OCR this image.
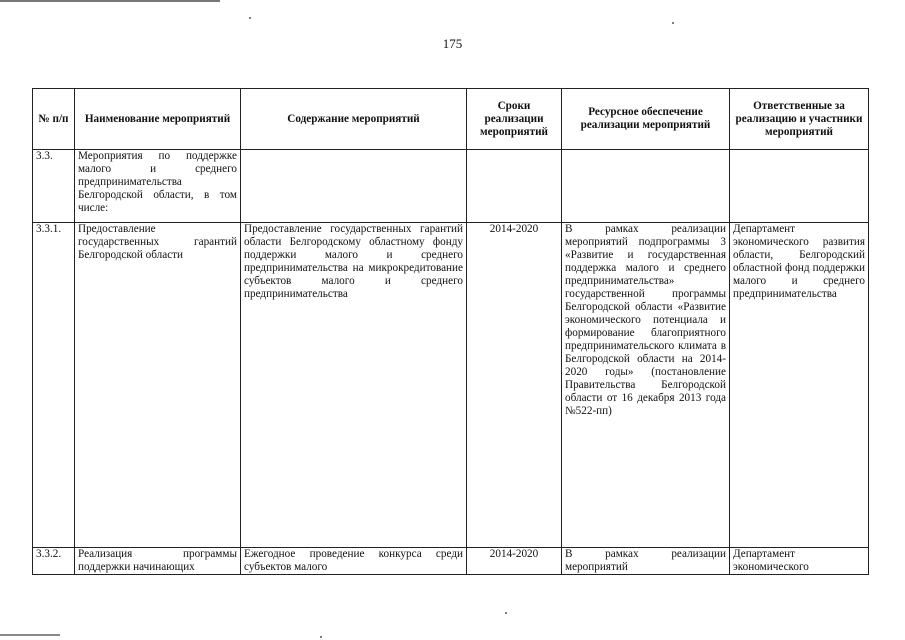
175
№ п/п	Наименование мероприятий	Содержание мероприятий	Сроки реализации мероприятий	Ресурсное обеспечение реализации мероприятий	Ответственные за реализацию и участники мероприятий
3.3.	Мероприятия по поддержке малого и среднего предпринимательства Белгородской области, в том числе:				
3.3.1.	Предоставление государственных гарантий Белгородской области	Предоставление государственных гарантий области Белгородскому областному фонду поддержки малого и среднего предпринимательства на микрокредитование субъектов малого и среднего предпринимательства	2014-2020	В рамках реализации мероприятий подпрограммы 3 «Развитие и государственная поддержка малого и среднего предпринимательства» государственной программы Белгородской области «Развитие экономического потенциала и формирование благоприятного предпринимательского климата в Белгородской области на 2014-2020 годы» (постановление Правительства Белгородской области от 16 декабря 2013 года №522-пп)	Департамент экономического развития области, Белгородский областной фонд поддержки малого и среднего предпринимательства
3.3.2.	Реализация программы поддержки начинающих	Ежегодное проведение конкурса среди субъектов малого	2014-2020	В рамках реализации мероприятий	Департамент экономического
